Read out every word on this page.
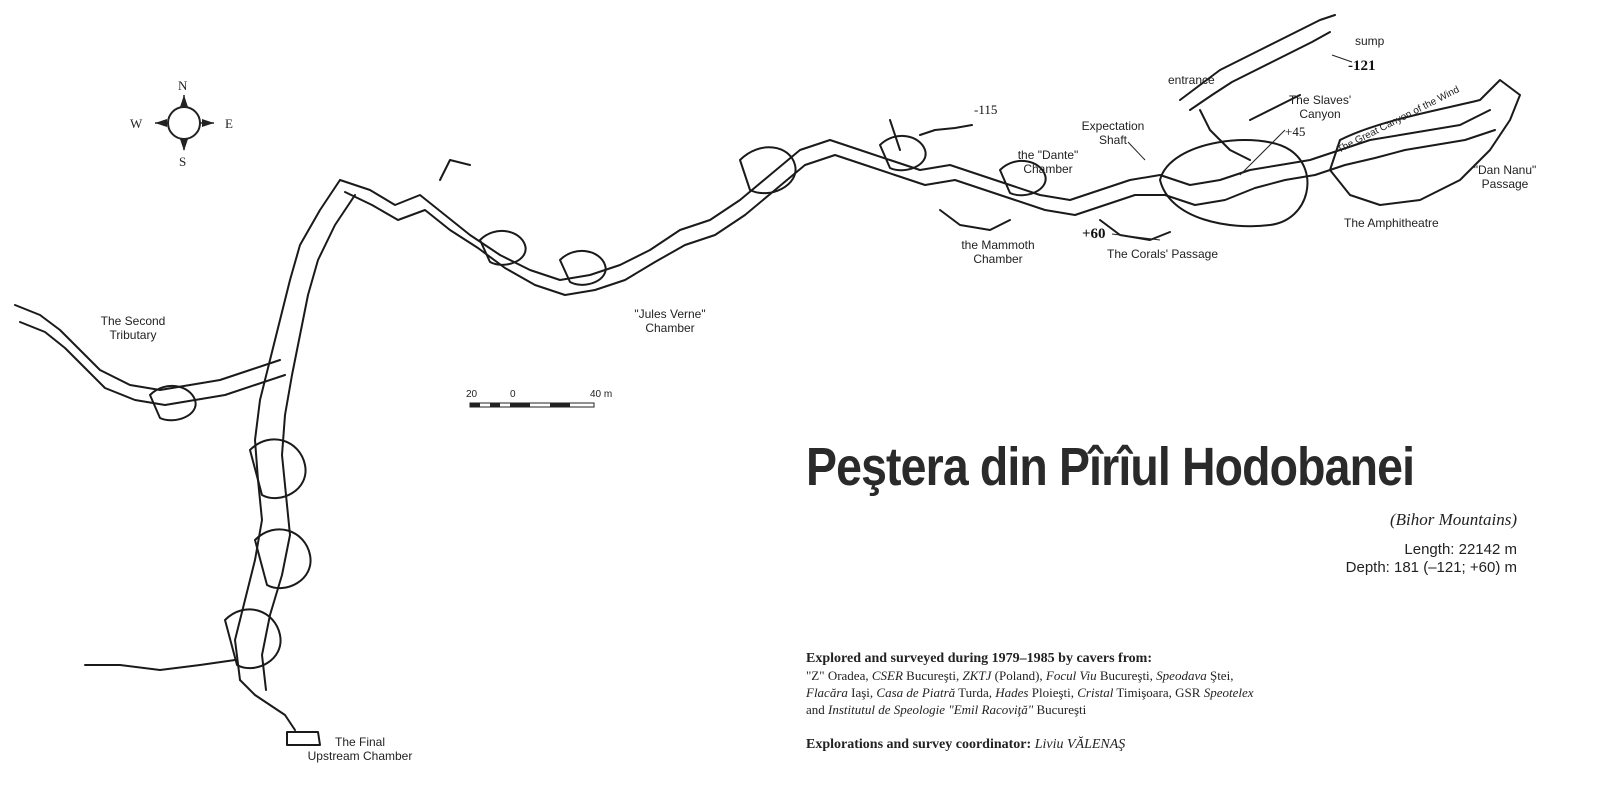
N
S
E
W
20	0	40 m
sump
-121
entrance
The Slaves'
Canyon
The Great Canyon of the Wind
+45
Expectation
Shaft
-115
the "Dante"
Chamber	"Dan Nanu"
Passage
The Amphitheatre
the Mammoth
Chamber
+60
The Corals' Passage
"Jules Verne"
Chamber
The Second
Tributary
The Final
Upstream Chamber
Peştera din Pîrîul Hodobanei
(Bihor Mountains)
Length: 22142 m
Depth: 181 (–121; +60) m
Explored and surveyed during 1979–1985 by cavers from:
"Z" Oradea, CSER Bucureşti, ZKTJ (Poland), Focul Viu Bucureşti, Speodava Ştei,
Flacăra Iaşi, Casa de Piatră Turda, Hades Ploieşti, Cristal Timişoara, GSR Speotelex
and Institutul de Speologie "Emil Racoviţă" Bucureşti
Explorations and survey coordinator: Liviu VĂLENAŞ
